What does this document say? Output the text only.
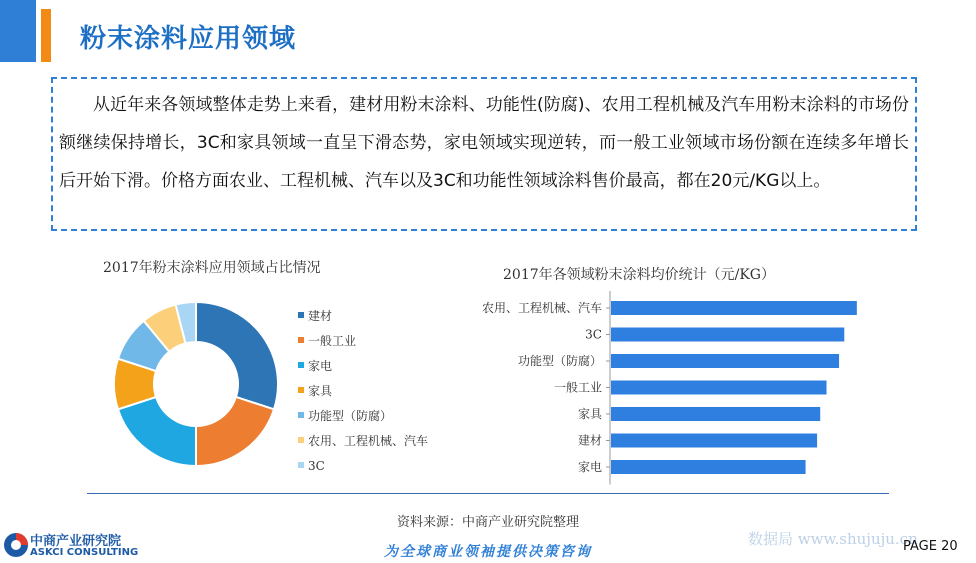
粉末涂料应用领域
从近年来各领域整体走势上来看，建材用粉末涂料、功能性(防腐)、农用工程机械及汽车用粉末涂料的市场份额继续保持增长，3C和家具领域一直呈下滑态势，家电领域实现逆转，而一般工业领域市场份额在连续多年增长后开始下滑。价格方面农业、工程机械、汽车以及3C和功能性领域涂料售价最高，都在20元/KG以上。
2017年粉末涂料应用领域占比情况	2017年各领域粉末涂料均价统计（元/KG）
建材
一般工业
家电
家具
功能型（防腐）
农用、工程机械、汽车
3C
农用、工程机械、汽车
3C
功能型（防腐）
一般工业
家具
建材
家电
资料来源：中商产业研究院整理
为全球商业领袖提供决策咨询
中商产业研究院
ASKCI CONSULTING
数据局 www.shujuju.cn
PAGE 20
